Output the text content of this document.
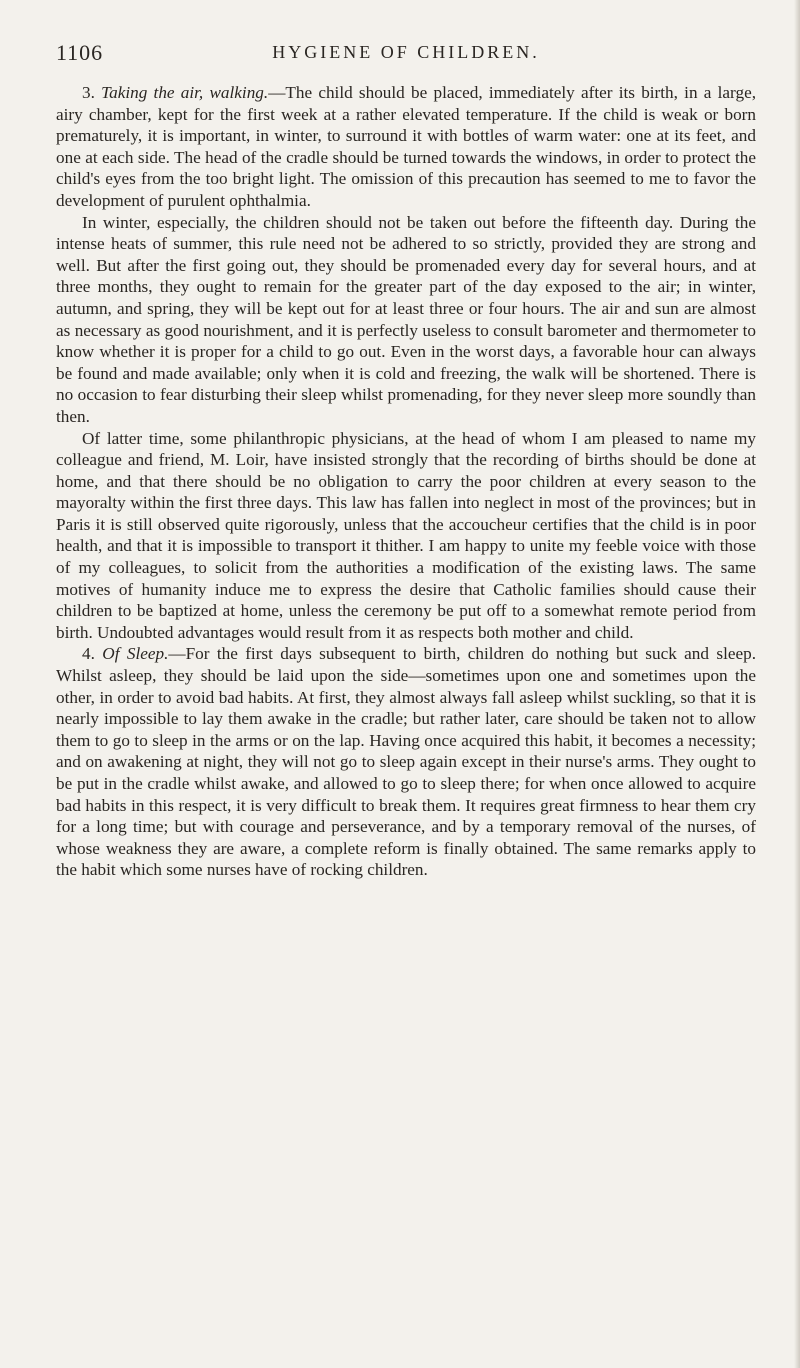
1106	HYGIENE OF CHILDREN.

3. Taking the air, walking.—The child should be placed, immediately after its birth, in a large, airy chamber, kept for the first week at a rather elevated temperature. If the child is weak or born prematurely, it is important, in winter, to surround it with bottles of warm water: one at its feet, and one at each side. The head of the cradle should be turned towards the windows, in order to protect the child's eyes from the too bright light. The omission of this precaution has seemed to me to favor the development of purulent ophthalmia.

In winter, especially, the children should not be taken out before the fifteenth day. During the intense heats of summer, this rule need not be adhered to so strictly, provided they are strong and well. But after the first going out, they should be promenaded every day for several hours, and at three months, they ought to remain for the greater part of the day exposed to the air; in winter, autumn, and spring, they will be kept out for at least three or four hours. The air and sun are almost as necessary as good nourishment, and it is perfectly useless to consult barometer and thermometer to know whether it is proper for a child to go out. Even in the worst days, a favorable hour can always be found and made available; only when it is cold and freezing, the walk will be shortened. There is no occasion to fear disturbing their sleep whilst promenading, for they never sleep more soundly than then.

Of latter time, some philanthropic physicians, at the head of whom I am pleased to name my colleague and friend, M. Loir, have insisted strongly that the recording of births should be done at home, and that there should be no obligation to carry the poor children at every season to the mayoralty within the first three days. This law has fallen into neglect in most of the provinces; but in Paris it is still observed quite rigorously, unless that the accoucheur certifies that the child is in poor health, and that it is impossible to transport it thither. I am happy to unite my feeble voice with those of my colleagues, to solicit from the authorities a modification of the existing laws. The same motives of humanity induce me to express the desire that Catholic families should cause their children to be baptized at home, unless the ceremony be put off to a somewhat remote period from birth. Undoubted advantages would result from it as respects both mother and child.

4. Of Sleep.—For the first days subsequent to birth, children do nothing but suck and sleep. Whilst asleep, they should be laid upon the side—sometimes upon one and sometimes upon the other, in order to avoid bad habits. At first, they almost always fall asleep whilst suckling, so that it is nearly impossible to lay them awake in the cradle; but rather later, care should be taken not to allow them to go to sleep in the arms or on the lap. Having once acquired this habit, it becomes a necessity; and on awakening at night, they will not go to sleep again except in their nurse's arms. They ought to be put in the cradle whilst awake, and allowed to go to sleep there; for when once allowed to acquire bad habits in this respect, it is very difficult to break them. It requires great firmness to hear them cry for a long time; but with courage and perseverance, and by a temporary removal of the nurses, of whose weakness they are aware, a complete reform is finally obtained. The same remarks apply to the habit which some nurses have of rocking children.
